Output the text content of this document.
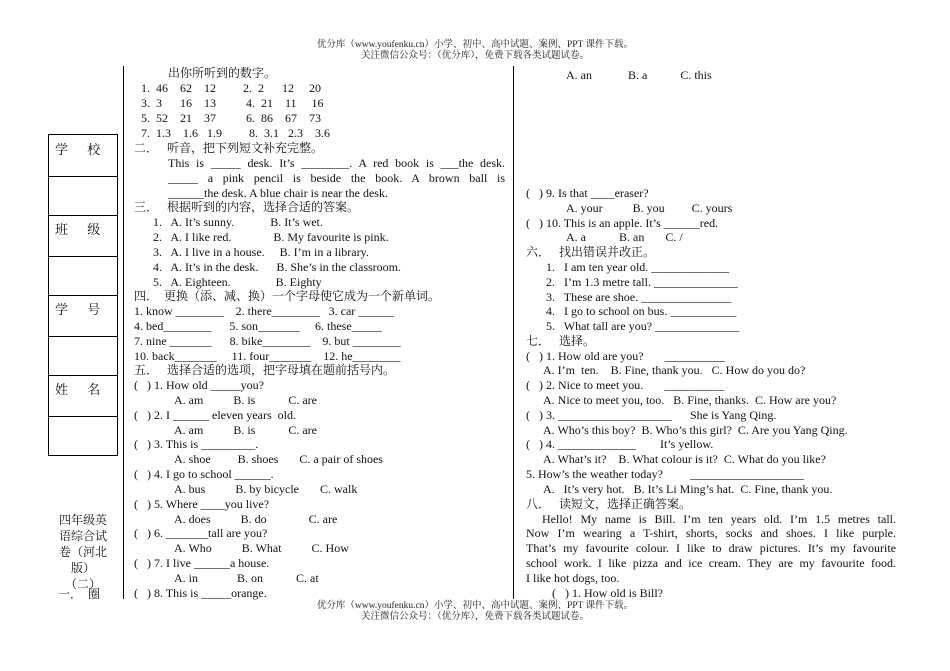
优分库（www.youfenku.cn）小学、初中、高中试题、案例、PPT 课件下载。
关注微信公众号：（优分库），免费下载各类试题试卷。
学 校
班 级
学 号
姓 名
四年级英
语综合试
卷（河北
版）
（二）
一．  圈
出你所听到的数字。
1.  46    62    12         2.  2      12     20
3.  3      16    13          4.  21    11     16
5.  52    21    37          6.  86    67    73
7.  1.3    1.6   1.9         8.  3.1   2.3    3.6
二．   听音，把下列短文补充完整。
This is _____ desk. It’s ________. A red book is ___the desk.
_____ a pink pencil is beside the book. A brown ball is
______the desk. A blue chair is near the desk.
三．   根据听到的内容，选择合适的答案。
1.   A. It’s sunny.            B. It’s wet.
2.   A. I like red.              B. My favourite is pink.
3.   A. I live in a house.     B. I’m in a library.
4.   A. It’s in the desk.      B. She’s in the classroom.
5.   A. Eighteen.               B. Eighty
四．  更换（添、减、换）一个字母使它成为一个新单词。
1. know ________    2. there________   3. car ______
4. bed________      5. son_______     6. these_____
7. nine _______      8. bike________    9. but ________
10. back_______     11. four_______    12. he________
五．   选择合适的选项，把字母填在题前括号内。
(   ) 1. How old _____you?
A. am          B. is           C. are
(   ) 2. I ______ eleven years  old.
A. am          B. is           C. are
(   ) 3. This is _________.
A. shoe         B. shoes       C. a pair of shoes
(   ) 4. I go to school ______.
A. bus          B. by bicycle       C. walk
(   ) 5. Where ____you live?
A. does          B. do              C. are
(   ) 6. _______tall are you?
A. Who          B. What          C. How
(   ) 7. I live ______a house.
A. in             B. on           C. at
(   ) 8. This is _____orange.
A. an            B. a           C. this
(   ) 9. Is that ____eraser?
A. your          B. you         C. yours
(   ) 10. This is an apple. It’s ______red.
A. a           B. an       C. /
六．   找出错误并改正。
1.   I am ten year old. _____________
2.   I’m 1.3 metre tall. ______________
3.   These are shoe. _______________
4.   I go to school on bus. ___________
5.   What tall are you? ______________
七．   选择。
(   ) 1. How old are you?       __________
A. I’m  ten.    B. Fine, thank you.   C. How do you do?
(   ) 2. Nice to meet you.       __________
A. Nice to meet you, too.   B. Fine, thanks.  C. How are you?
(   ) 3. ___________________      She is Yang Qing.
A. Who’s this boy?  B. Who’s this girl?  C. Are you Yang Qing.
(   ) 4. _____________        It’s yellow.
A. What’s it?    B. What colour is it?  C. What do you like?
5. How’s the weather today?         ___________________
A.   It’s very hot.   B. It’s Li Ming’s hat.  C. Fine, thank you.
八．   读短文，选择正确答案。
Hello! My name is Bill. I’m ten years old. I’m 1.5 metres tall.
Now I’m wearing a T-shirt, shorts, socks and shoes. I like purple.
That’s my favourite colour. I like to draw pictures. It’s my favourite
school work. I like pizza and ice cream. They are my favourite food.
I like hot dogs, too.
(   ) 1. How old is Bill?
优分库（www.youfenku.cn）小学、初中、高中试题、案例、PPT 课件下载。
关注微信公众号：（优分库），免费下载各类试题试卷。
